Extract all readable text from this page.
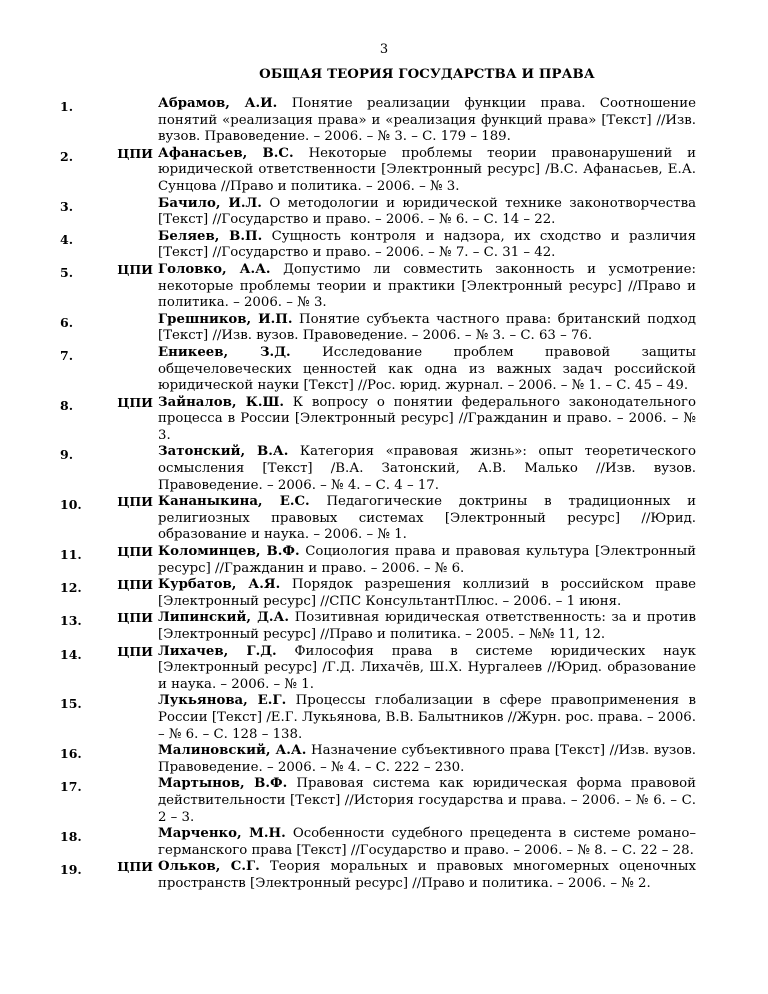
3
ОБЩАЯ ТЕОРИЯ ГОСУДАРСТВА И ПРАВА
1.	Абрамов, А.И. Понятие реализации функции права. Соотношение понятий «реализация права» и «реализация функций права» [Текст] //Изв. вузов. Правоведение. – 2006. – № 3. – С. 179 – 189.
2.	ЦПИ Афанасьев, В.С. Некоторые проблемы теории правонарушений и юридической ответственности [Электронный ресурс] /В.С. Афанасьев, Е.А. Сунцова //Право и политика. – 2006. – № 3.
3.	Бачило, И.Л. О методологии и юридической технике законотворчества [Текст] //Государство и право. – 2006. – № 6. – С. 14 – 22.
4.	Беляев, В.П. Сущность контроля и надзора, их сходство и различия [Текст] //Государство и право. – 2006. – № 7. – С. 31 – 42.
5.	ЦПИ Головко, А.А. Допустимо ли совместить законность и усмотрение: некоторые проблемы теории и практики [Электронный ресурс] //Право и политика. – 2006. – № 3.
6.	Грешников, И.П. Понятие субъекта частного права: британский подход [Текст] //Изв. вузов. Правоведение. – 2006. – № 3. – С. 63 – 76.
7.	Еникеев, З.Д. Исследование проблем правовой защиты общечеловеческих ценностей как одна из важных задач российской юридической науки [Текст] //Рос. юрид. журнал. – 2006. – № 1. – С. 45 – 49.
8.	ЦПИ Зайналов, К.Ш. К вопросу о понятии федерального законодательного процесса в России [Электронный ресурс] //Гражданин и право. – 2006. – № 3.
9.	Затонский, В.А. Категория «правовая жизнь»: опыт теоретического осмысления [Текст] /В.А. Затонский, А.В. Малько //Изв. вузов. Правоведение. – 2006. – № 4. – С. 4 – 17.
10.	ЦПИ Кананыкина, Е.С. Педагогические доктрины в традиционных и религиозных правовых системах [Электронный ресурс] //Юрид. образование и наука. – 2006. – № 1.
11.	ЦПИ Коломинцев, В.Ф. Социология права и правовая культура [Электронный ресурс] //Гражданин и право. – 2006. – № 6.
12.	ЦПИ Курбатов, А.Я. Порядок разрешения коллизий в российском праве [Электронный ресурс] //СПС КонсультантПлюс. – 2006. – 1 июня.
13.	ЦПИ Липинский, Д.А. Позитивная юридическая ответственность: за и против [Электронный ресурс] //Право и политика. – 2005. – №№ 11, 12.
14.	ЦПИ Лихачев, Г.Д. Философия права в системе юридических наук [Электронный ресурс] /Г.Д. Лихачёв, Ш.Х. Нургалеев //Юрид. образование и наука. – 2006. – № 1.
15.	Лукьянова, Е.Г. Процессы глобализации в сфере правоприменения в России [Текст] /Е.Г. Лукьянова, В.В. Балытников //Журн. рос. права. – 2006. – № 6. – С. 128 – 138.
16.	Малиновский, А.А. Назначение субъективного права [Текст] //Изв. вузов. Правоведение. – 2006. – № 4. – С. 222 – 230.
17.	Мартынов, В.Ф. Правовая система как юридическая форма правовой действительности [Текст] //История государства и права. – 2006. – № 6. – С. 2 – 3.
18.	Марченко, М.Н. Особенности судебного прецедента в системе романо–германского права [Текст] //Государство и право. – 2006. – № 8. – С. 22 – 28.
19.	ЦПИ Ольков, С.Г. Теория моральных и правовых многомерных оценочных пространств [Электронный ресурс] //Право и политика. – 2006. – № 2.
